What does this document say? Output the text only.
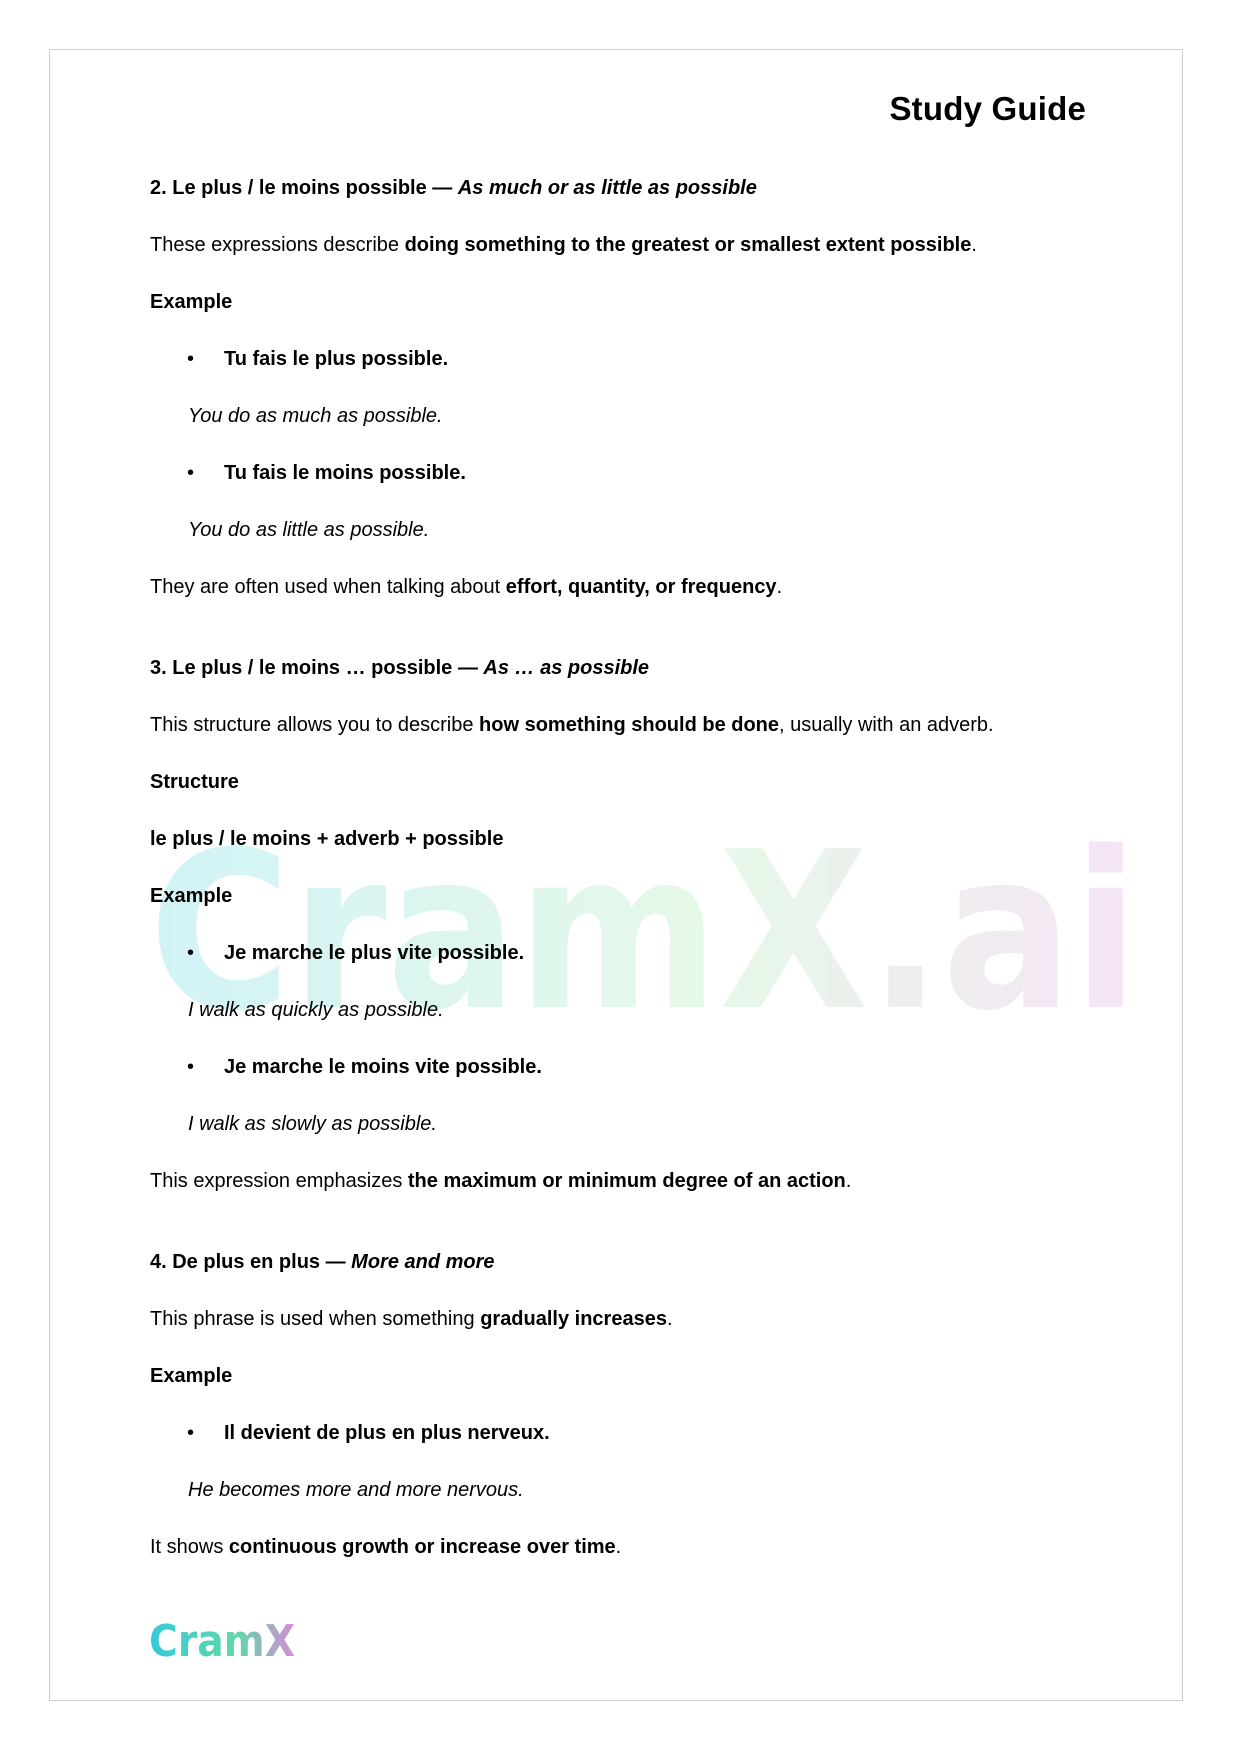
CramX.ai
Study Guide
2. Le plus / le moins possible — As much or as little as possible
These expressions describe doing something to the greatest or smallest extent possible.
Example
• Tu fais le plus possible.
You do as much as possible.
• Tu fais le moins possible.
You do as little as possible.
They are often used when talking about effort, quantity, or frequency.
3. Le plus / le moins … possible — As … as possible
This structure allows you to describe how something should be done, usually with an adverb.
Structure
le plus / le moins + adverb + possible
Example
• Je marche le plus vite possible.
I walk as quickly as possible.
• Je marche le moins vite possible.
I walk as slowly as possible.
This expression emphasizes the maximum or minimum degree of an action.
4. De plus en plus — More and more
This phrase is used when something gradually increases.
Example
• Il devient de plus en plus nerveux.
He becomes more and more nervous.
It shows continuous growth or increase over time.
CramX
